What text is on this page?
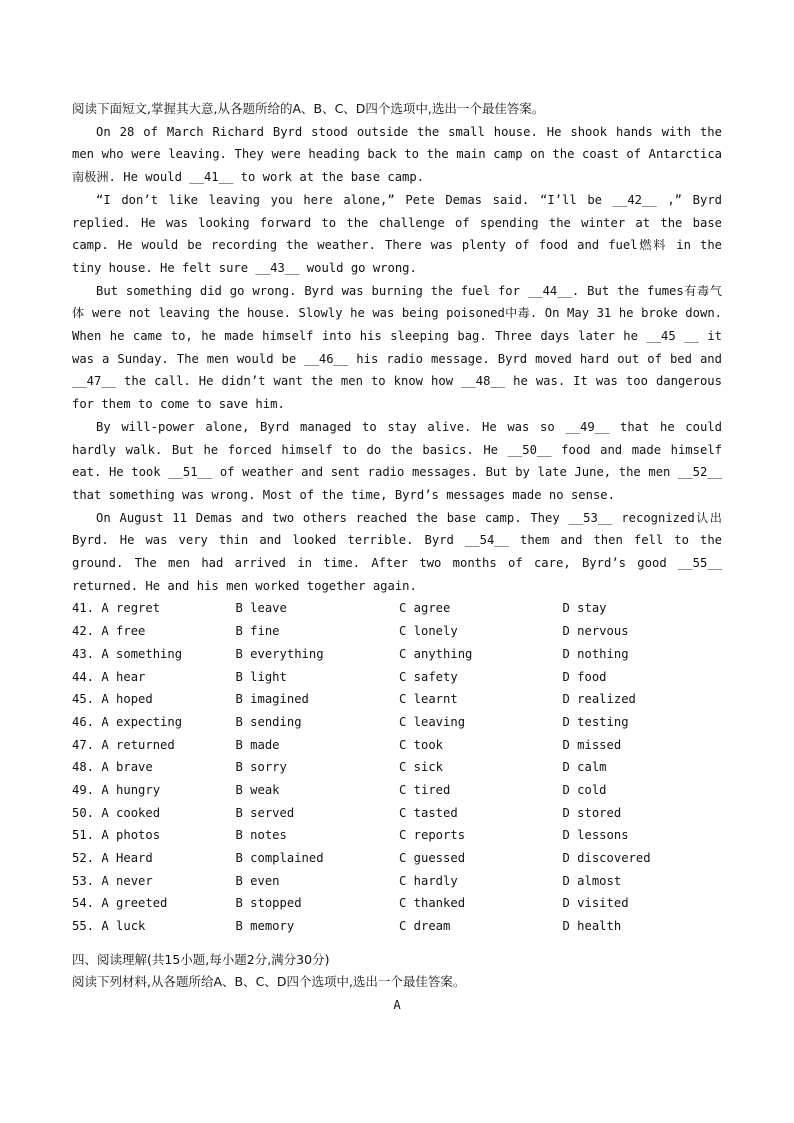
阅读下面短文,掌握其大意,从各题所给的A、B、C、D四个选项中,选出一个最佳答案。

On 28 of March Richard Byrd stood outside the small house. He shook hands with the men who were leaving. They were heading back to the main camp on the coast of Antarctica南极洲. He would __41__ to work at the base camp.

“I don’t like leaving you here alone,” Pete Demas said. “I’ll be __42__ ,” Byrd replied. He was looking forward to the challenge of spending the winter at the base camp. He would be recording the weather. There was plenty of food and fuel燃料 in the tiny house. He felt sure __43__ would go wrong.

But something did go wrong. Byrd was burning the fuel for __44__. But the fumes有毒气体 were not leaving the house. Slowly he was being poisoned中毒. On May 31 he broke down. When he came to, he made himself into his sleeping bag. Three days later he __45 __ it was a Sunday. The men would be __46__ his radio message. Byrd moved hard out of bed and __47__ the call. He didn’t want the men to know how __48__ he was. It was too dangerous for them to come to save him.

By will-power alone, Byrd managed to stay alive. He was so __49__ that he could hardly walk. But he forced himself to do the basics. He __50__ food and made himself eat. He took __51__ of weather and sent radio messages. But by late June, the men __52__ that something was wrong. Most of the time, Byrd’s messages made no sense.

On August 11 Demas and two others reached the base camp. They __53__ recognized认出 Byrd. He was very thin and looked terrible. Byrd __54__ them and then fell to the ground. The men had arrived in time. After two months of care, Byrd’s good __55__ returned. He and his men worked together again.

41. A regret	B leave	C agree	D stay
42. A free	B fine	C lonely	D nervous
43. A something	B everything	C anything	D nothing
44. A hear	B light	C safety	D food
45. A hoped	B imagined	C learnt	D realized
46. A expecting	B sending	C leaving	D testing
47. A returned	B made	C took	D missed
48. A brave	B sorry	C sick	D calm
49. A hungry	B weak	C tired	D cold
50. A cooked	B served	C tasted	D stored
51. A photos	B notes	C reports	D lessons
52. A Heard	B complained	C guessed	D discovered
53. A never	B even	C hardly	D almost
54. A greeted	B stopped	C thanked	D visited
55. A luck	B memory	C dream	D health
四、阅读理解(共15小题,每小题2分,满分30分)
阅读下列材料,从各题所给A、B、C、D四个选项中,选出一个最佳答案。
A
